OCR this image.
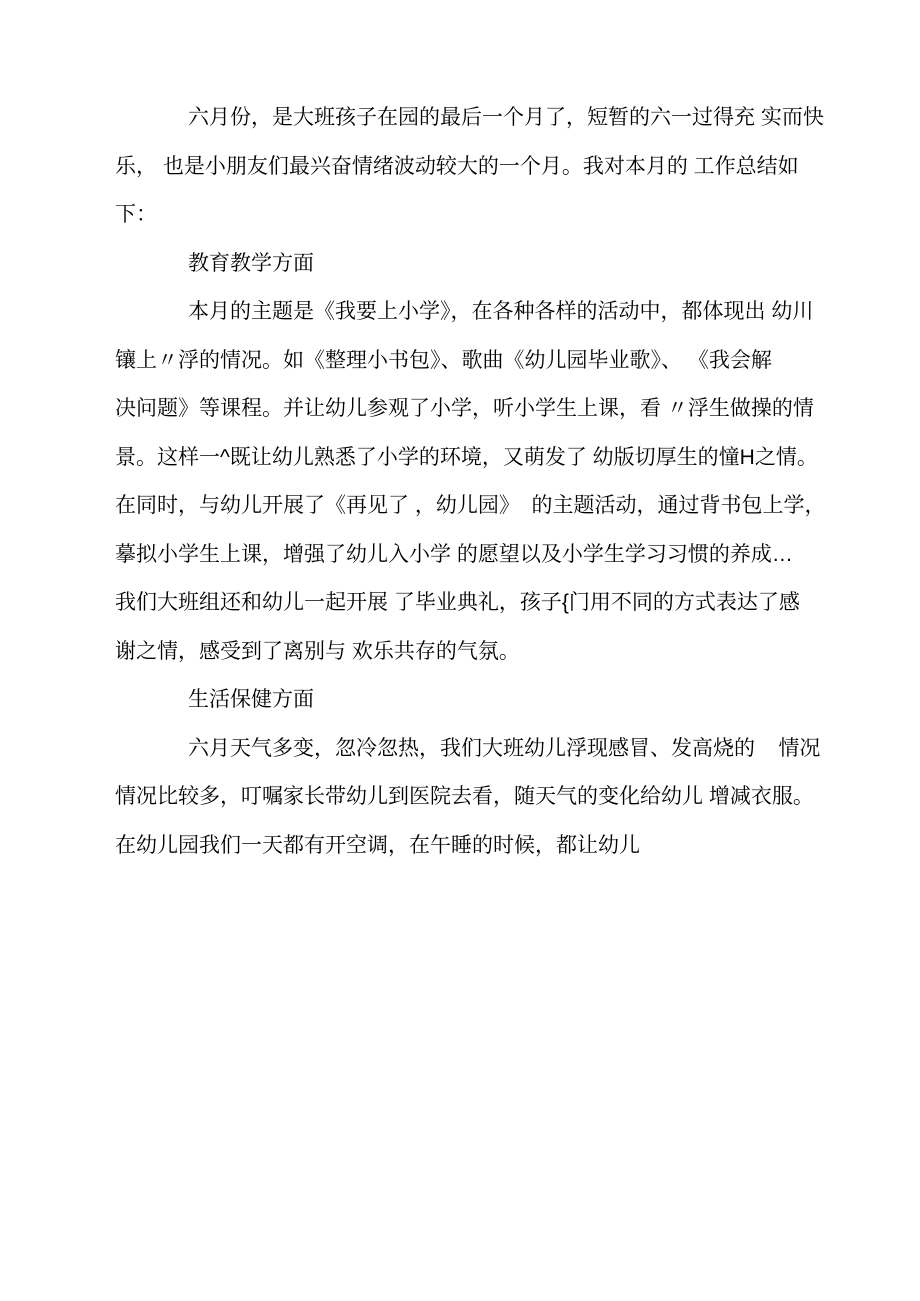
六月份，是大班孩子在园的最后一个月了，短暂的六一过得充 实而快
乐， 也是小朋友们最兴奋情绪波动较大的一个月。我对本月的 工作总结如
下：
教育教学方面
本月的主题是《我要上小学》，在各种各样的活动中，都体现出 幼川
镶上〃浮的情况。如《整理小书包》、歌曲《幼儿园毕业歌》、 《我会解
决问题》等课程。并让幼儿参观了小学，听小学生上课，看 〃浮生做操的情
景。这样一^既让幼儿熟悉了小学的环境，又萌发了 幼版切厚生的憧H之情。
在同时，与幼儿开展了《再见了 ，幼儿园》  的主题活动，通过背书包上学，
摹拟小学生上课，增强了幼儿入小学 的愿望以及小学生学习习惯的养成…
我们大班组还和幼儿一起开展 了毕业典礼，孩子{门用不同的方式表达了感
谢之情，感受到了离别与 欢乐共存的气氛。
生活保健方面
六月天气多变，忽冷忽热，我们大班幼儿浮现感冒、发高烧的    情况
情况比较多，叮嘱家长带幼儿到医院去看，随天气的变化给幼儿 增减衣服。
在幼儿园我们一天都有开空调，在午睡的时候，都让幼儿
